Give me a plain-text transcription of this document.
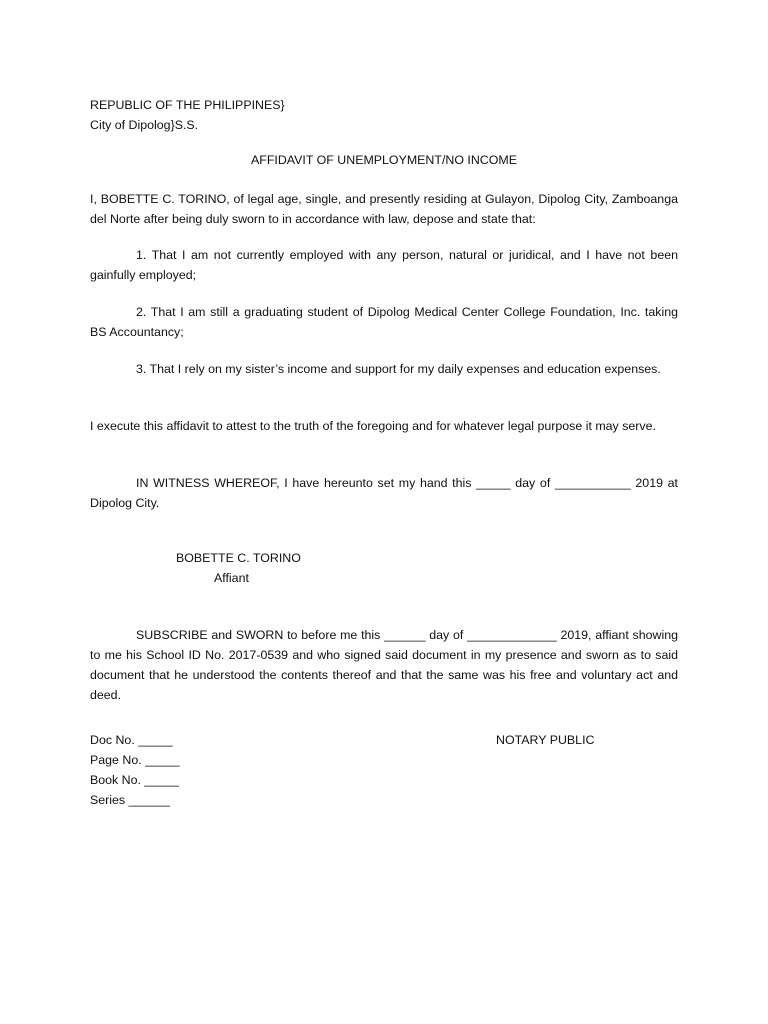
REPUBLIC OF THE PHILIPPINES}
City of Dipolog}S.S.
AFFIDAVIT OF UNEMPLOYMENT/NO INCOME
I, BOBETTE C. TORINO, of legal age, single, and presently residing at Gulayon, Dipolog City, Zamboanga del Norte after being duly sworn to in accordance with law, depose and state that:
1. That I am not currently employed with any person, natural or juridical, and I have not been gainfully employed;
2. That I am still a graduating student of Dipolog Medical Center College Foundation, Inc. taking BS Accountancy;
3. That I rely on my sister’s income and support for my daily expenses and education expenses.
I execute this affidavit to attest to the truth of the foregoing and for whatever legal purpose it may serve.
IN WITNESS WHEREOF, I have hereunto set my hand this _____ day of ___________ 2019 at Dipolog City.
BOBETTE C. TORINO
Affiant
SUBSCRIBE and SWORN to before me this ______ day of _____________ 2019, affiant showing to me his School ID No. 2017-0539 and who signed said document in my presence and sworn as to said document that he understood the contents thereof and that the same was his free and voluntary act and deed.
Doc No. _____
Page No. _____
Book No. _____
Series ______
NOTARY PUBLIC
